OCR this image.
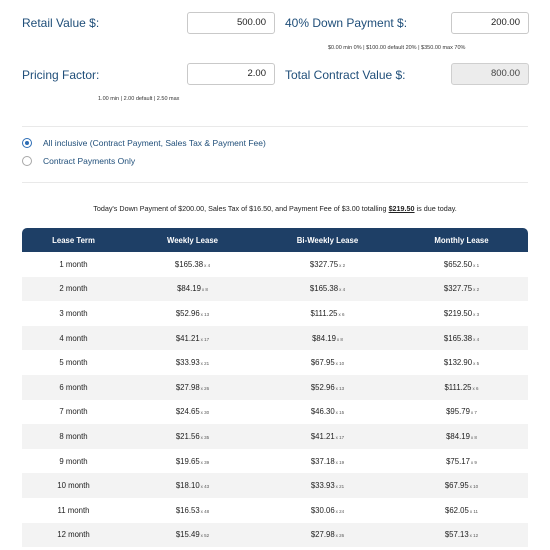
Retail Value $:	500.00	40% Down Payment $:	200.00
$0.00 min 0% | $100.00 default 20% | $350.00 max 70%
Pricing Factor:	2.00	Total Contract Value $:	800.00
1.00 min | 2.00 default | 2.50 max
All inclusive (Contract Payment, Sales Tax & Payment Fee)
Contract Payments Only
Today's Down Payment of $200.00, Sales Tax of $16.50, and Payment Fee of $3.00 totalling $219.50 is due today.
Lease Term	Weekly Lease	Bi-Weekly Lease	Monthly Lease
1 month	$165.38x 4	$327.75x 2	$652.50x 1
2 month	$84.19x 8	$165.38x 4	$327.75x 2
3 month	$52.96x 13	$111.25x 6	$219.50x 3
4 month	$41.21x 17	$84.19x 8	$165.38x 4
5 month	$33.93x 21	$67.95x 10	$132.90x 5
6 month	$27.98x 26	$52.96x 13	$111.25x 6
7 month	$24.65x 30	$46.30x 15	$95.79x 7
8 month	$21.56x 35	$41.21x 17	$84.19x 8
9 month	$19.65x 39	$37.18x 19	$75.17x 9
10 month	$18.10x 43	$33.93x 21	$67.95x 10
11 month	$16.53x 48	$30.06x 24	$62.05x 11
12 month	$15.49x 52	$27.98x 26	$57.13x 12
